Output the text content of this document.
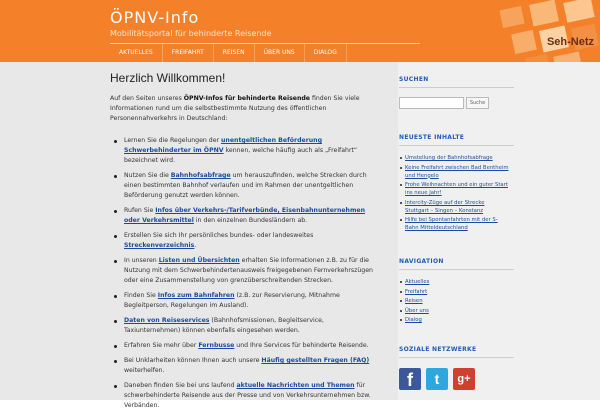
ÖPNV-Info
Mobilitätsportal für behinderte Reisende
Seh-Netz
AKTUELLES	FREIFAHRT	REISEN	ÜBER UNS	DIALOG
Herzlich Willkommen!
Auf den Seiten unseres ÖPNV-Infos für behinderte Reisende finden Sie viele Informationen rund um die selbstbestimmte Nutzung des öffentlichen Personennahverkehrs in Deutschland:
Lernen Sie die Regelungen der unentgeltlichen Beförderung Schwerbehinderter im ÖPNV kennen, welche häufig auch als „Freifahrt“ bezeichnet wird.
Nutzen Sie die Bahnhofsabfrage um herauszufinden, welche Strecken durch einen bestimmten Bahnhof verlaufen und im Rahmen der unentgeltlichen Beförderung genutzt werden können.
Rufen Sie Infos über Verkehrs-/Tarifverbünde, Eisenbahnunternehmen oder Verkehrsmittel in den einzelnen Bundesländern ab.
Erstellen Sie sich Ihr persönliches bundes- oder landesweites Streckenverzeichnis.
In unseren Listen und Übersichten erhalten Sie Informationen z.B. zu für die Nutzung mit dem Schwerbehindertenausweis freigegebenen Fernverkehrszügen oder eine Zusammenstellung von grenzüberschreitenden Strecken.
Finden Sie Infos zum Bahnfahren (z.B. zur Reservierung, Mitnahme Begleitperson, Regelungen im Ausland).
Daten von Reiseservices (Bahnhofsmissionen, Begleitservice, Taxiunternehmen) können ebenfalls eingesehen werden.
Erfahren Sie mehr über Fernbusse und Ihre Services für behinderte Reisende.
Bei Unklarheiten können Ihnen auch unsere Häufig gestellten Fragen (FAQ) weiterhelfen.
Daneben finden Sie bei uns laufend aktuelle Nachrichten und Themen für schwerbehinderte Reisende aus der Presse und von Verkehrsunternehmen bzw. Verbänden.
SUCHEN
Suche
NEUESTE INHALTE
Umstellung der Bahnhofsabfrage
Keine Freifahrt zwischen Bad Bentheim und Hengelo
Frohe Weihnachten und ein guter Start ins neue Jahr!
Intercity-Züge auf der Strecke Stuttgart – Singen – Konstanz
Hilfe bei Spontanfahrten mit der S-Bahn Mitteldeutschland
NAVIGATION
Aktuelles
Freifahrt
Reisen
Über uns
Dialog
SOZIALE NETZWERKE
f	t	g+
